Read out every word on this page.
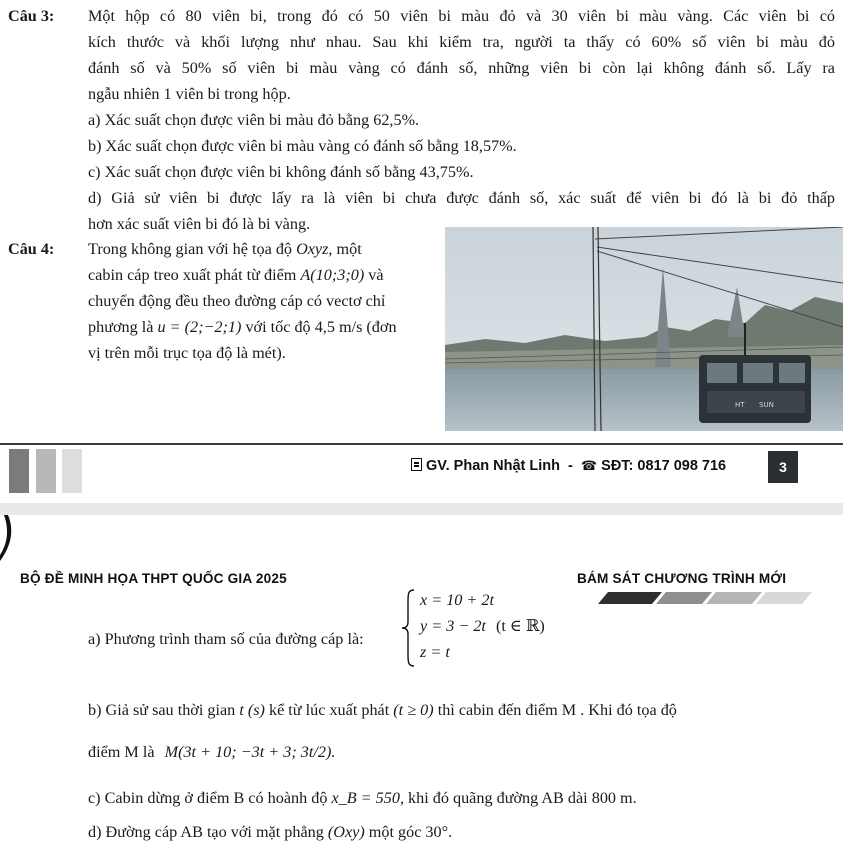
Câu 3: Một hộp có 80 viên bi, trong đó có 50 viên bi màu đỏ và 30 viên bi màu vàng. Các viên bi có
kích thước và khối lượng như nhau. Sau khi kiểm tra, người ta thấy có 60% số viên bi màu đỏ
đánh số và 50% số viên bi màu vàng có đánh số, những viên bi còn lại không đánh số. Lấy ra
ngẫu nhiên 1 viên bi trong hộp.
a) Xác suất chọn được viên bi màu đỏ bằng 62,5%.
b) Xác suất chọn được viên bi màu vàng có đánh số bằng 18,57%.
c) Xác suất chọn được viên bi không đánh số bằng 43,75%.
d) Giả sử viên bi được lấy ra là viên bi chưa được đánh số, xác suất để viên bi đó là bi đỏ thấp
hơn xác suất viên bi đó là bi vàng.
Câu 4: Trong không gian với hệ tọa độ Oxyz, một
cabin cáp treo xuất phát từ điểm A(10;3;0) và
chuyển động đều theo đường cáp có vectơ chỉ
phương là u = (2;−2;1) với tốc độ 4,5 m/s (đơn
vị trên mỗi trục tọa độ là mét).
HT SUN
GV. Phan Nhật Linh - ☎ SĐT: 0817 098 716	3
BỘ ĐỀ MINH HỌA THPT QUỐC GIA 2025	BÁM SÁT CHƯƠNG TRÌNH MỚI
a) Phương trình tham số của đường cáp là:
x = 10 + 2t
y = 3 − 2t (t ∈ ℝ)
z = t
b) Giả sử sau thời gian t (s) kể từ lúc xuất phát (t ≥ 0) thì cabin đến điểm M . Khi đó tọa độ
điểm M là M(3t + 10; −3t + 3; 3t/2).
c) Cabin dừng ở điểm B có hoành độ x_B = 550, khi đó quãng đường AB dài 800 m.
d) Đường cáp AB tạo với mặt phẳng (Oxy) một góc 30°.
